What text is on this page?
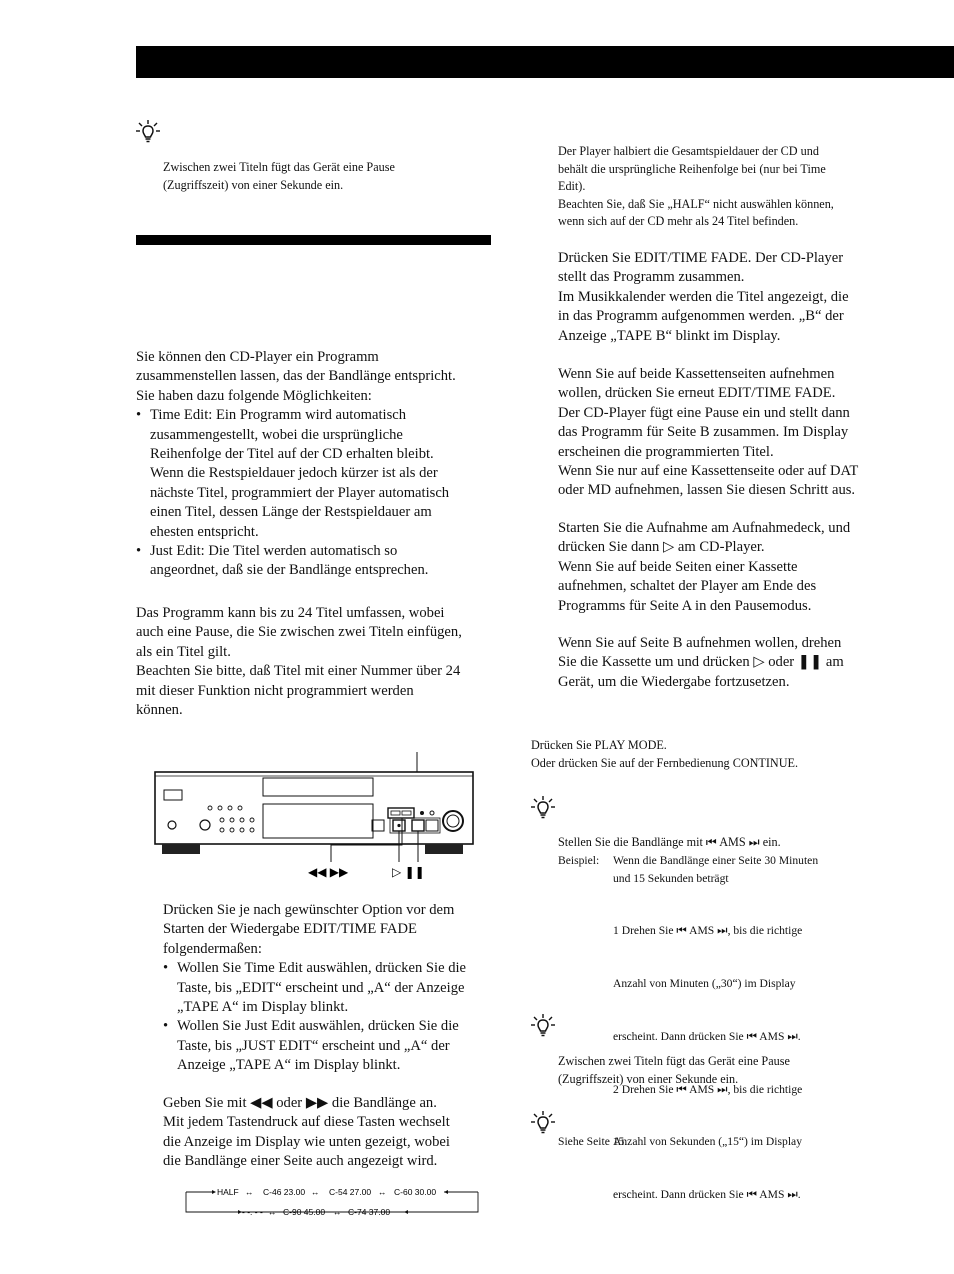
Zwischen zwei Titeln fügt das Gerät eine Pause
(Zugriffszeit) von einer Sekunde ein.
Sie können den CD-Player ein Programm
zusammenstellen lassen, das der Bandlänge entspricht.
Sie haben dazu folgende Möglichkeiten:
• Time Edit: Ein Programm wird automatisch
zusammengestellt, wobei die ursprüngliche
Reihenfolge der Titel auf der CD erhalten bleibt.
Wenn die Restspieldauer jedoch kürzer ist als der
nächste Titel, programmiert der Player automatisch
einen Titel, dessen Länge der Restspieldauer am
ehesten entspricht.
• Just Edit: Die Titel werden automatisch so
angeordnet, daß sie der Bandlänge entsprechen.
Das Programm kann bis zu 24 Titel umfassen, wobei
auch eine Pause, die Sie zwischen zwei Titeln einfügen,
als ein Titel gilt.
Beachten Sie bitte, daß Titel mit einer Nummer über 24
mit dieser Funktion nicht programmiert werden
können.
◀◀ ▶▶	▷ ❚❚
Drücken Sie je nach gewünschter Option vor dem
Starten der Wiedergabe EDIT/TIME FADE
folgendermaßen:
• Wollen Sie Time Edit auswählen, drücken Sie die
Taste, bis „EDIT“ erscheint und „A“ der Anzeige
„TAPE A“ im Display blinkt.
• Wollen Sie Just Edit auswählen, drücken Sie die
Taste, bis „JUST EDIT“ erscheint und „A“ der
Anzeige „TAPE A“ im Display blinkt.
Geben Sie mit ◀◀ oder ▶▶ die Bandlänge an.
Mit jedem Tastendruck auf diese Tasten wechselt
die Anzeige im Display wie unten gezeigt, wobei
die Bandlänge einer Seite auch angezeigt wird.
HALF ↔ C-46 23.00 ↔ C-54 27.00 ↔ C-60 30.00
- -. - - ↔ C-90 45.00 ↔ C-74 37.00
Der Player halbiert die Gesamtspieldauer der CD und
behält die ursprüngliche Reihenfolge bei (nur bei Time
Edit).
Beachten Sie, daß Sie „HALF“ nicht auswählen können,
wenn sich auf der CD mehr als 24 Titel befinden.
Drücken Sie EDIT/TIME FADE. Der CD-Player
stellt das Programm zusammen.
Im Musikkalender werden die Titel angezeigt, die
in das Programm aufgenommen werden. „B“ der
Anzeige „TAPE B“ blinkt im Display.
Wenn Sie auf beide Kassettenseiten aufnehmen
wollen, drücken Sie erneut EDIT/TIME FADE.
Der CD-Player fügt eine Pause ein und stellt dann
das Programm für Seite B zusammen. Im Display
erscheinen die programmierten Titel.
Wenn Sie nur auf eine Kassettenseite oder auf DAT
oder MD aufnehmen, lassen Sie diesen Schritt aus.
Starten Sie die Aufnahme am Aufnahmedeck, und
drücken Sie dann ▷ am CD-Player.
Wenn Sie auf beide Seiten einer Kassette
aufnehmen, schaltet der Player am Ende des
Programms für Seite A in den Pausemodus.
Wenn Sie auf Seite B aufnehmen wollen, drehen
Sie die Kassette um und drücken ▷ oder ❚❚ am
Gerät, um die Wiedergabe fortzusetzen.
Drücken Sie PLAY MODE.
Oder drücken Sie auf der Fernbedienung CONTINUE.
Stellen Sie die Bandlänge mit ⏮ AMS ⏭ ein.
Beispiel: Wenn die Bandlänge einer Seite 30 Minuten
und 15 Sekunden beträgt

1 Drehen Sie ⏮ AMS ⏭, bis die richtige

Anzahl von Minuten („30“) im Display

erscheint. Dann drücken Sie ⏮ AMS ⏭.

2 Drehen Sie ⏮ AMS ⏭, bis die richtige

Anzahl von Sekunden („15“) im Display

erscheint. Dann drücken Sie ⏮ AMS ⏭.

Zwischen zwei Titeln fügt das Gerät eine Pause
(Zugriffszeit) von einer Sekunde ein.
Siehe Seite 15.
